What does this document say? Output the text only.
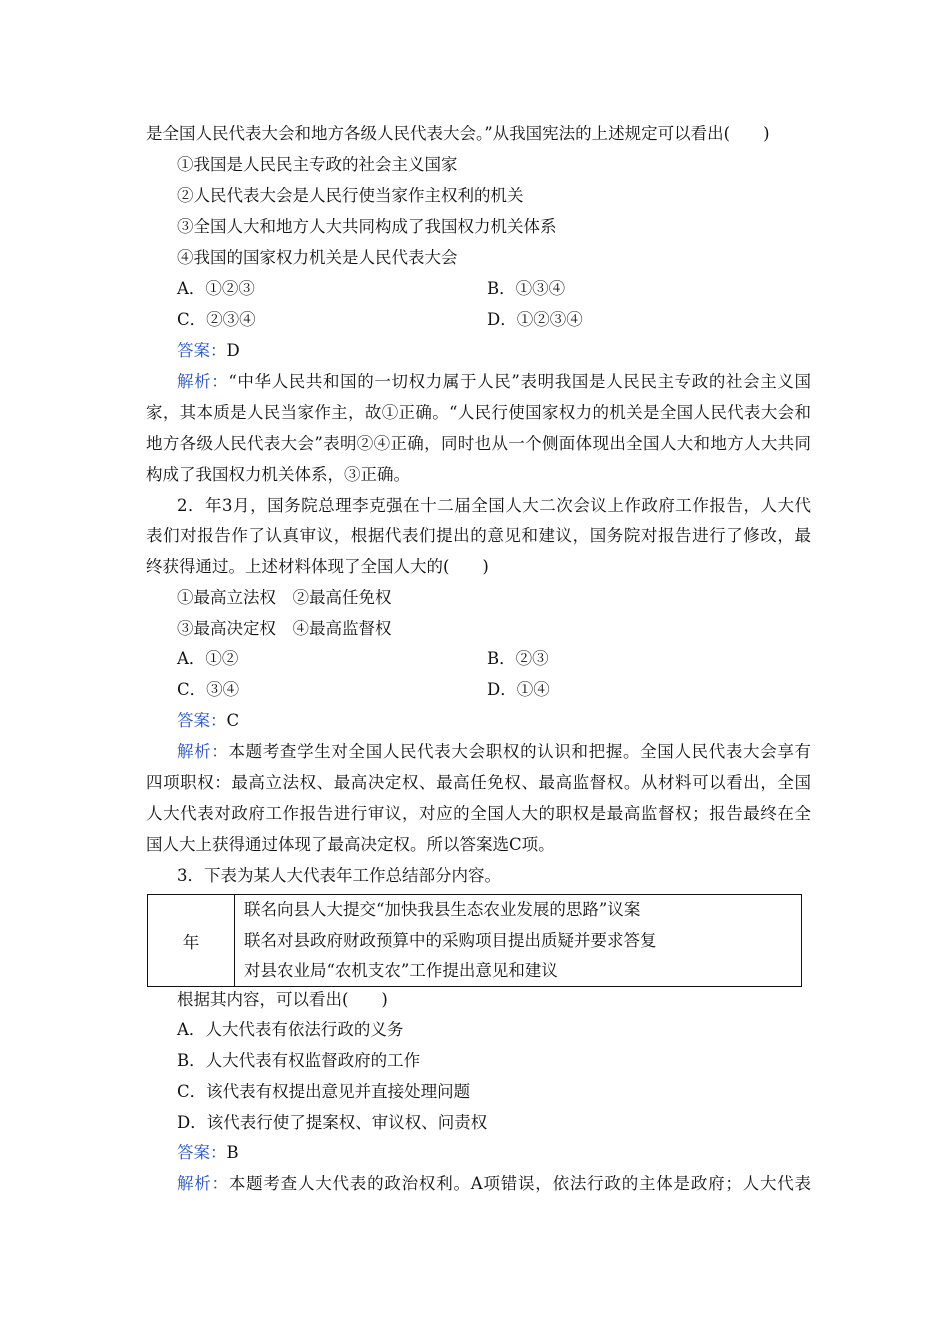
是全国人民代表大会和地方各级人民代表大会。”从我国宪法的上述规定可以看出(　　)
①我国是人民民主专政的社会主义国家
②人民代表大会是人民行使当家作主权利的机关
③全国人大和地方人大共同构成了我国权力机关体系
④我国的国家权力机关是人民代表大会
A．①②③	B．①③④
C．②③④	D．①②③④
答案：D
解析：“中华人民共和国的一切权力属于人民”表明我国是人民民主专政的社会主义国
家，其本质是人民当家作主，故①正确。“人民行使国家权力的机关是全国人民代表大会和
地方各级人民代表大会”表明②④正确，同时也从一个侧面体现出全国人大和地方人大共同
构成了我国权力机关体系，③正确。
2．年3月，国务院总理李克强在十二届全国人大二次会议上作政府工作报告，人大代
表们对报告作了认真审议，根据代表们提出的意见和建议，国务院对报告进行了修改，最
终获得通过。上述材料体现了全国人大的(　　)
①最高立法权　②最高任免权
③最高决定权　④最高监督权
A．①②	B．②③
C．③④	D．①④
答案：C
解析：本题考查学生对全国人民代表大会职权的认识和把握。全国人民代表大会享有
四项职权：最高立法权、最高决定权、最高任免权、最高监督权。从材料可以看出，全国
人大代表对政府工作报告进行审议，对应的全国人大的职权是最高监督权；报告最终在全
国人大上获得通过体现了最高决定权。所以答案选C项。
3．下表为某人大代表年工作总结部分内容。
年
联名向县人大提交“加快我县生态农业发展的思路”议案
联名对县政府财政预算中的采购项目提出质疑并要求答复
对县农业局“农机支农”工作提出意见和建议
根据其内容，可以看出(　　)
A．人大代表有依法行政的义务
B．人大代表有权监督政府的工作
C．该代表有权提出意见并直接处理问题
D．该代表行使了提案权、审议权、问责权
答案：B
解析：本题考查人大代表的政治权利。A项错误，依法行政的主体是政府；人大代表
